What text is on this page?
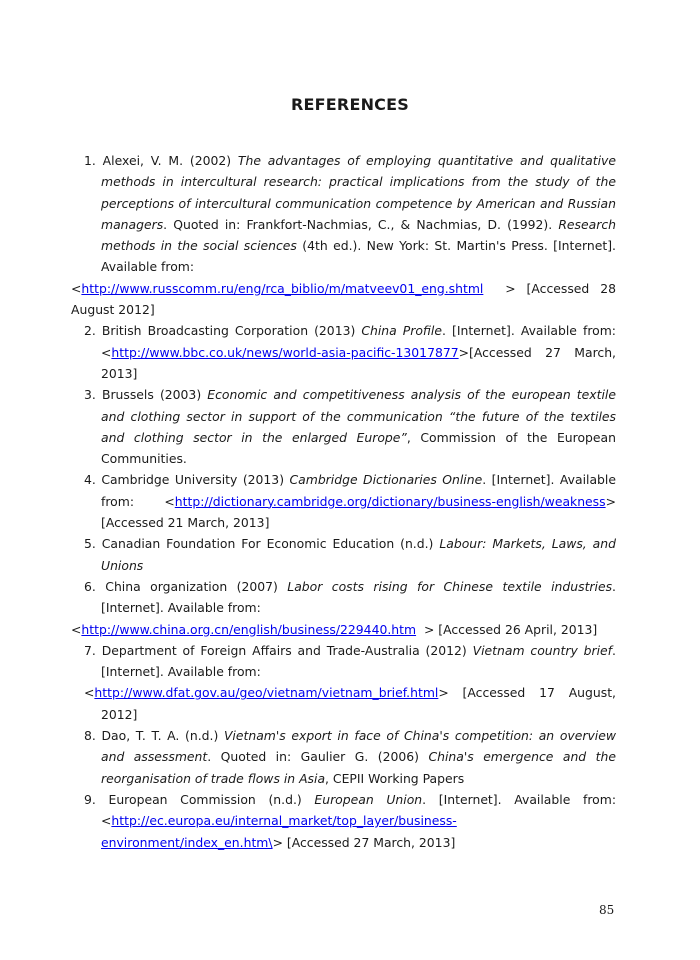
REFERENCES
1. Alexei, V. M. (2002) The advantages of employing quantitative and qualitative methods in intercultural research: practical implications from the study of the perceptions of intercultural communication competence by American and Russian managers. Quoted in: Frankfort-Nachmias, C., & Nachmias, D. (1992). Research methods in the social sciences (4th ed.). New York: St. Martin's Press. [Internet]. Available from:
<http://www.russcomm.ru/eng/rca_biblio/m/matveev01_eng.shtml > [Accessed 28 August 2012]
2. British Broadcasting Corporation (2013) China Profile. [Internet]. Available from: <http://www.bbc.co.uk/news/world-asia-pacific-13017877>[Accessed 27 March, 2013]
3. Brussels (2003) Economic and competitiveness analysis of the european textile and clothing sector in support of the communication “the future of the textiles and clothing sector in the enlarged Europe”, Commission of the European Communities.
4. Cambridge University (2013) Cambridge Dictionaries Online. [Internet]. Available from: <http://dictionary.cambridge.org/dictionary/business-english/weakness> [Accessed 21 March, 2013]
5. Canadian Foundation For Economic Education (n.d.) Labour: Markets, Laws, and Unions
6. China organization (2007) Labor costs rising for Chinese textile industries. [Internet]. Available from:
<http://www.china.org.cn/english/business/229440.htm > [Accessed 26 April, 2013]
7. Department of Foreign Affairs and Trade-Australia (2012) Vietnam country brief. [Internet]. Available from:
<http://www.dfat.gov.au/geo/vietnam/vietnam_brief.html> [Accessed 17 August, 2012]
8. Dao, T. T. A. (n.d.) Vietnam's export in face of China's competition: an overview and assessment. Quoted in: Gaulier G. (2006) China's emergence and the reorganisation of trade flows in Asia, CEPII Working Papers
9. European Commission (n.d.) European Union. [Internet]. Available from: <http://ec.europa.eu/internal_market/top_layer/business-environment/index_en.htm\> [Accessed 27 March, 2013]
85
